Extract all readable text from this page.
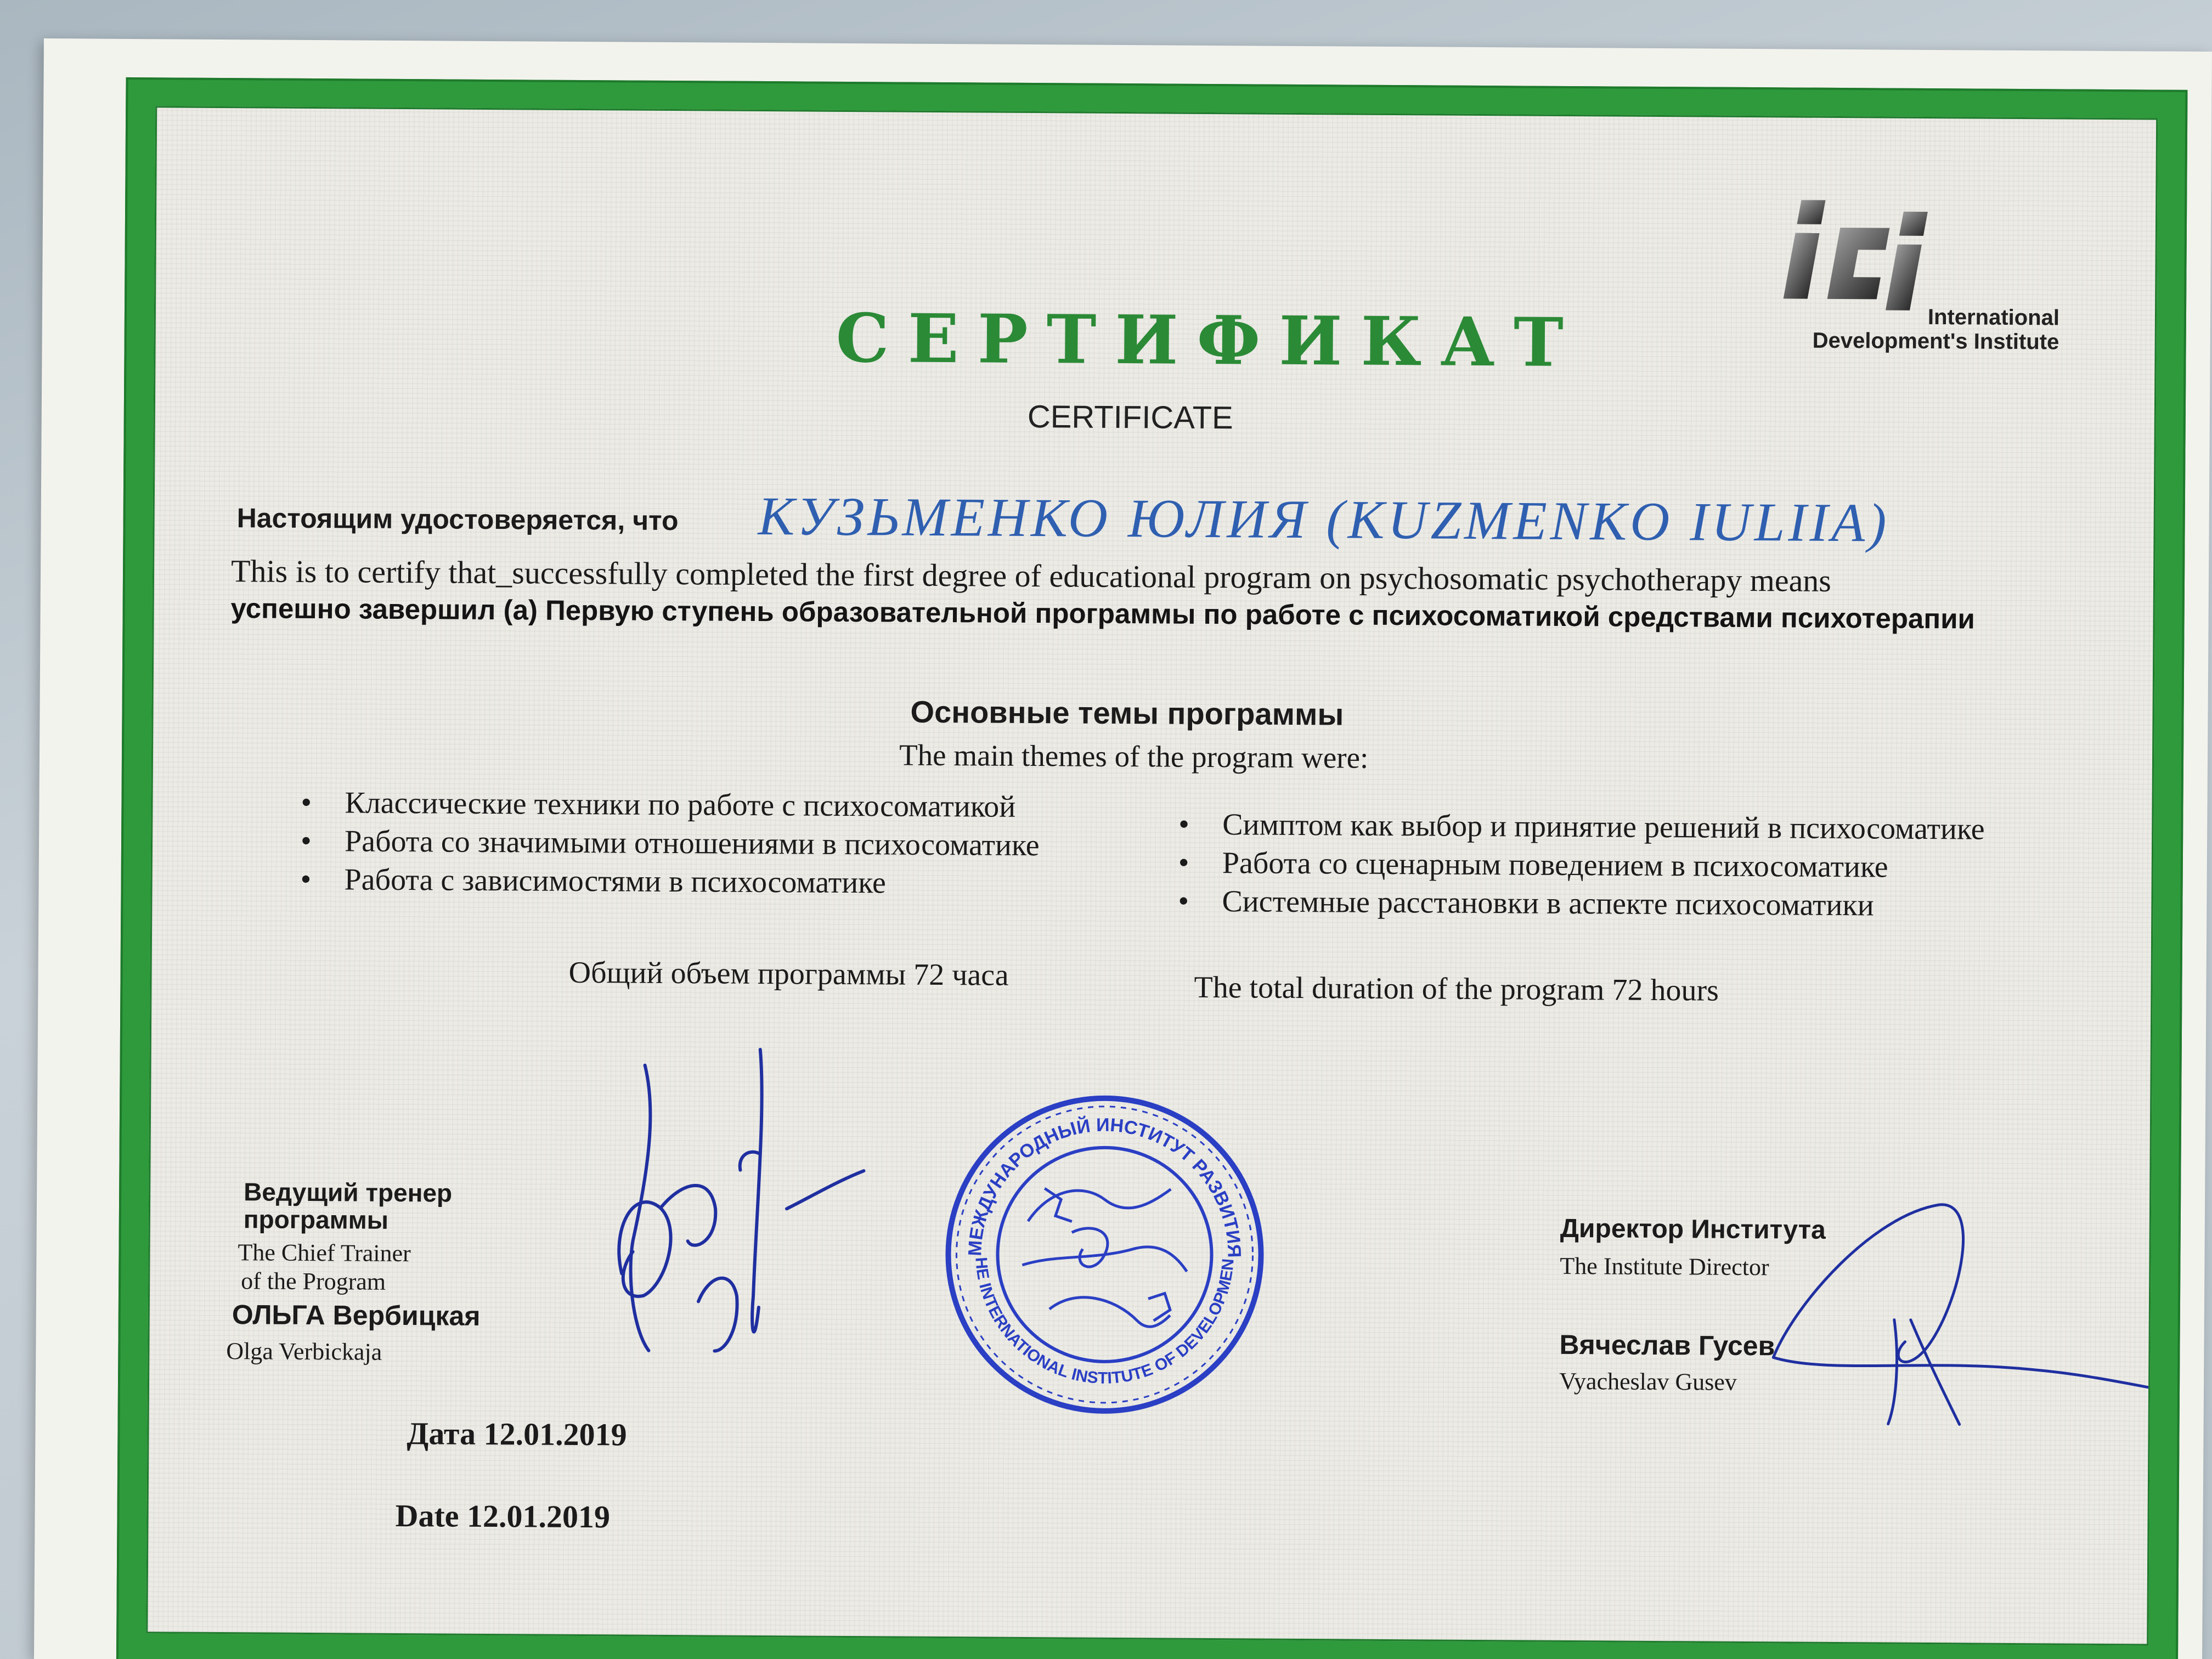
International
Development's Institute
СЕРТИФИКАТ
CERTIFICATE
Настоящим удостоверяется, что КУЗЬМЕНКО ЮЛИЯ (KUZMENKO IULIIA)
This is to certify that_successfully completed the first degree of educational program on psychosomatic psychotherapy means
успешно завершил (а) Первую ступень образовательной программы по работе с психосоматикой средствами психотерапии
Основные темы программы
The main themes of the program were:
• Классические техники по работе с психосоматикой
• Работа со значимыми отношениями в психосоматике
• Работа с зависимостями в психосоматике
• Симптом как выбор и принятие решений в психосоматике
• Работа со сценарным поведением в психосоматике
• Системные расстановки в аспекте психосоматики
Общий объем программы 72 часа	The total duration of the program 72 hours
Ведущий тренер
программы
The Chief Trainer
of the Program
ОЛЬГА Вербицкая
Olga Verbickaja
МЕЖДУНАРОДНЫЙ ИНСТИТУТ РАЗВИТИЯ
THE INTERNATIONAL INSTITUTE OF DEVELOPMENT
Директор Института
The Institute Director
Вячеслав Гусев
Vyacheslav Gusev
Дата 12.01.2019
Date 12.01.2019
